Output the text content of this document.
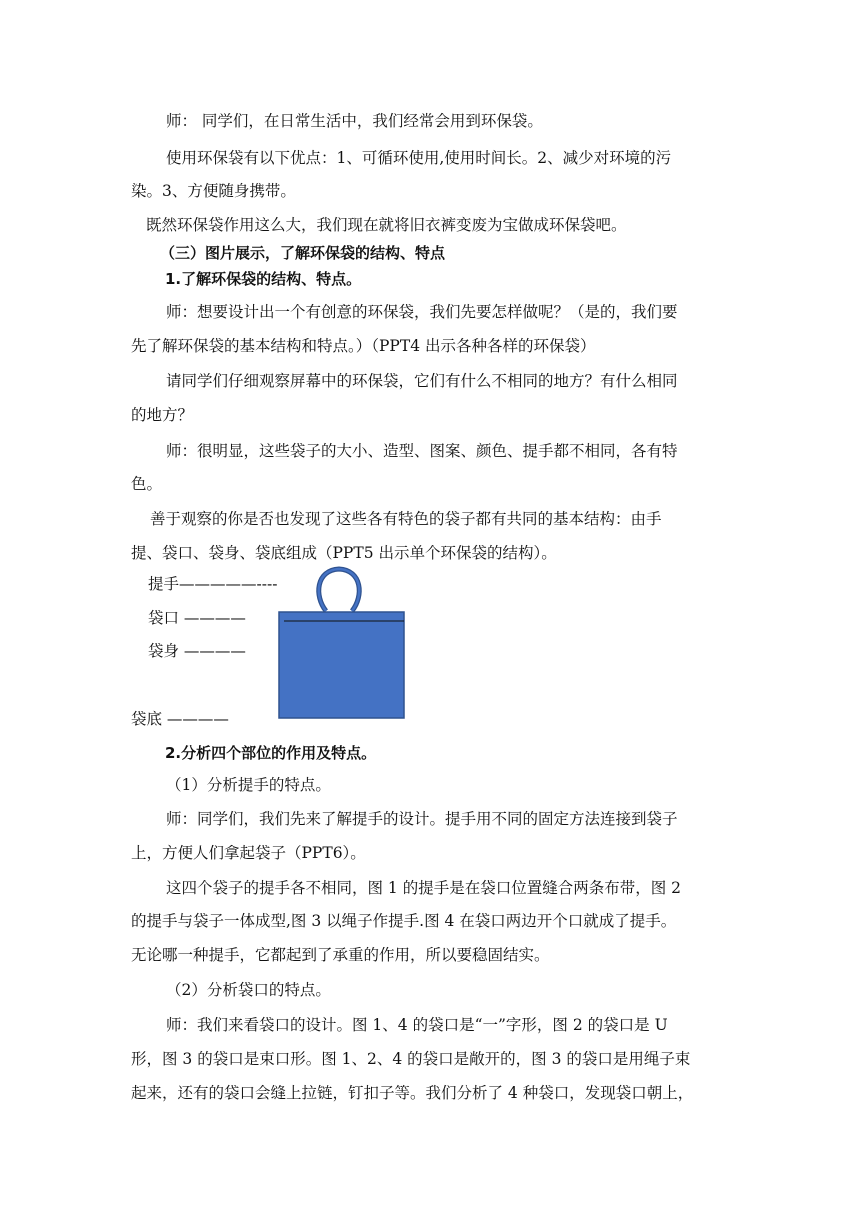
师： 同学们，在日常生活中，我们经常会用到环保袋。
使用环保袋有以下优点：1、可循环使用,使用时间长。2、减少对环境的污
染。3、方便随身携带。
既然环保袋作用这么大，我们现在就将旧衣裤变废为宝做成环保袋吧。
（三）图片展示，了解环保袋的结构、特点
1.了解环保袋的结构、特点。
师：想要设计出一个有创意的环保袋，我们先要怎样做呢？（是的，我们要
先了解环保袋的基本结构和特点。）（PPT4 出示各种各样的环保袋）
请同学们仔细观察屏幕中的环保袋，它们有什么不相同的地方？有什么相同
的地方？
师：很明显，这些袋子的大小、造型、图案、颜色、提手都不相同，各有特
色。
善于观察的你是否也发现了这些各有特色的袋子都有共同的基本结构：由手
提、袋口、袋身、袋底组成（PPT5 出示单个环保袋的结构）。
提手—————----
袋口 ————
袋身 ————
袋底 ————
2.分析四个部位的作用及特点。
（1）分析提手的特点。
师：同学们，我们先来了解提手的设计。提手用不同的固定方法连接到袋子
上，方便人们拿起袋子（PPT6）。
这四个袋子的提手各不相同，图 1 的提手是在袋口位置缝合两条布带，图 2
的提手与袋子一体成型,图 3 以绳子作提手.图 4 在袋口两边开个口就成了提手。
无论哪一种提手，它都起到了承重的作用，所以要稳固结实。
（2）分析袋口的特点。
师：我们来看袋口的设计。图 1、4 的袋口是“一”字形，图 2 的袋口是 U
形，图 3 的袋口是束口形。图 1、2、4 的袋口是敞开的，图 3 的袋口是用绳子束
起来，还有的袋口会缝上拉链，钉扣子等。我们分析了 4 种袋口，发现袋口朝上，
